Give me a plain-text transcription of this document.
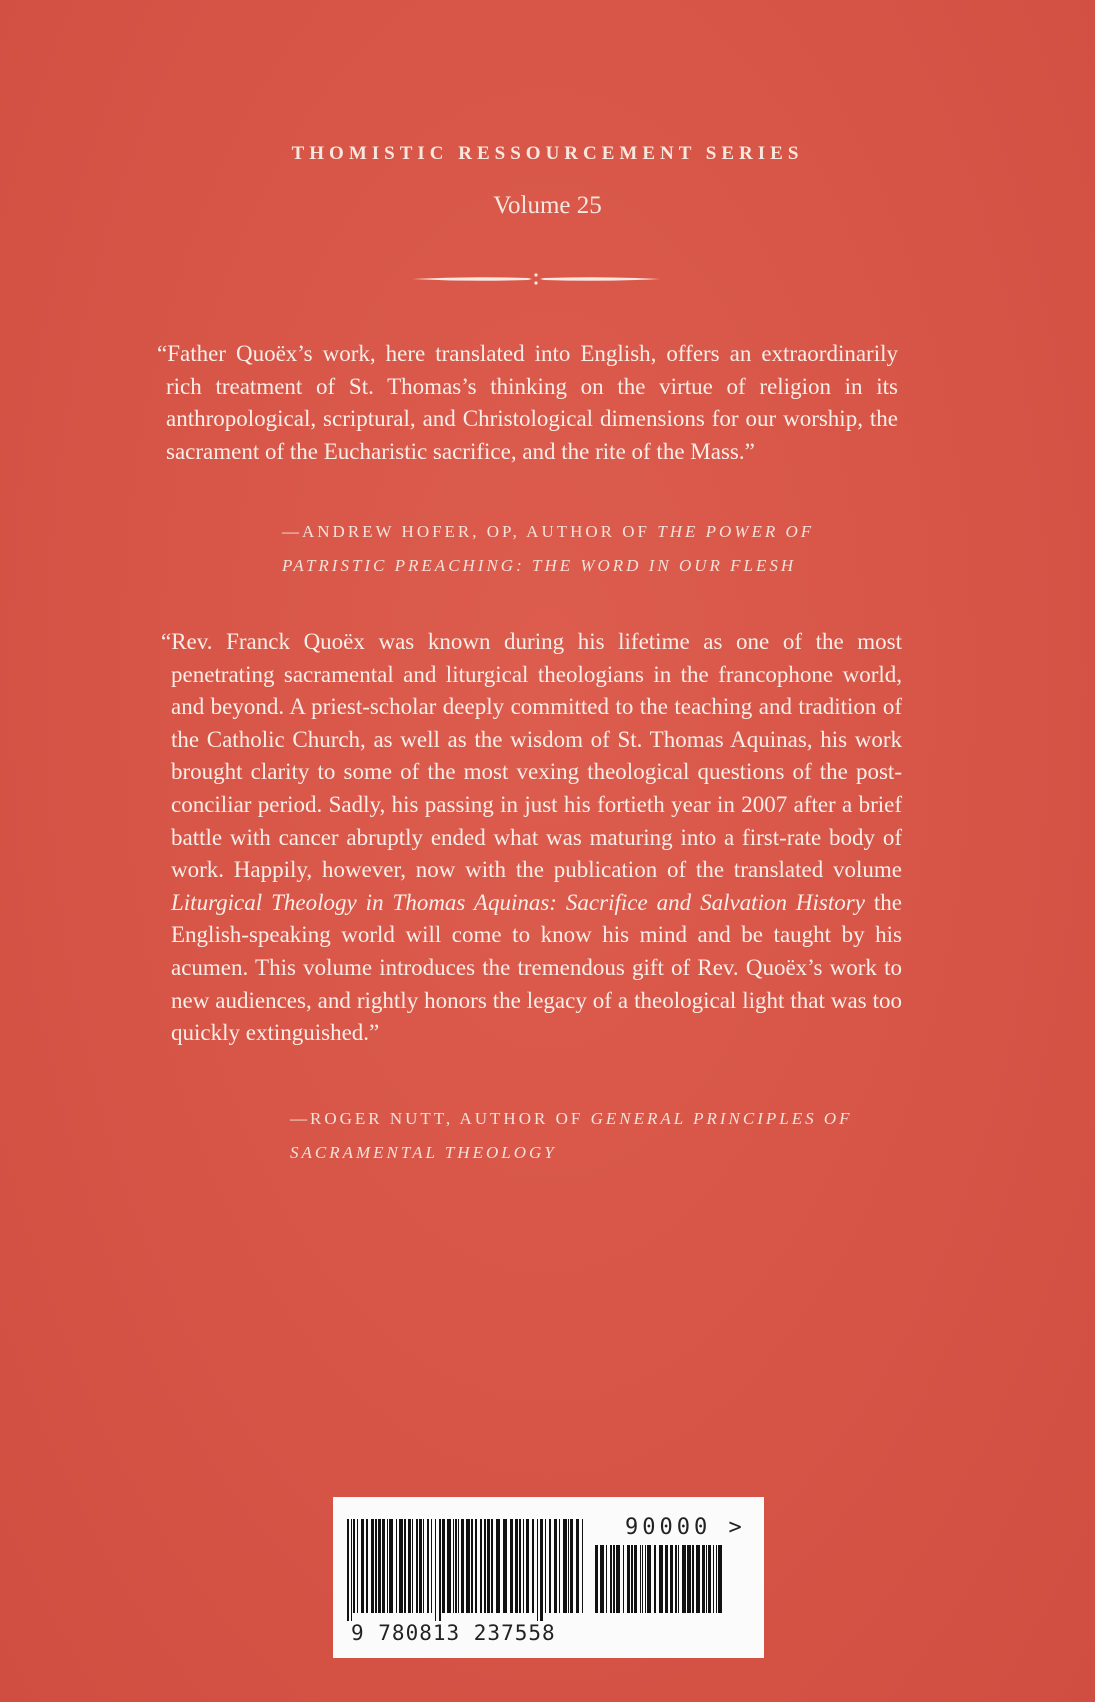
THOMISTIC RESSOURCEMENT SERIES
Volume 25
“Father Quoëx’s work, here translated into English, offers an extraordinarily rich treatment of St. Thomas’s thinking on the virtue of religion in its anthropological, scriptural, and Christological dimensions for our worship, the sacrament of the Eucharistic sacrifice, and the rite of the Mass.”
—ANDREW HOFER, OP, AUTHOR OF THE POWER OF PATRISTIC PREACHING: THE WORD IN OUR FLESH
“Rev. Franck Quoëx was known during his lifetime as one of the most penetrating sacramental and liturgical theologians in the francophone world, and beyond. A priest-scholar deeply committed to the teaching and tradition of the Catholic Church, as well as the wisdom of St. Thomas Aquinas, his work brought clarity to some of the most vexing theological questions of the post-conciliar period. Sadly, his passing in just his fortieth year in 2007 after a brief battle with cancer abruptly ended what was maturing into a first-rate body of work. Happily, however, now with the publication of the translated volume Liturgical Theology in Thomas Aquinas: Sacrifice and Salvation History the English-speaking world will come to know his mind and be taught by his acumen. This volume introduces the tremendous gift of Rev. Quoëx’s work to new audiences, and rightly honors the legacy of a theological light that was too quickly extinguished.”
—ROGER NUTT, AUTHOR OF GENERAL PRINCIPLES OF SACRAMENTAL THEOLOGY
9 780813 237558
90000 >
